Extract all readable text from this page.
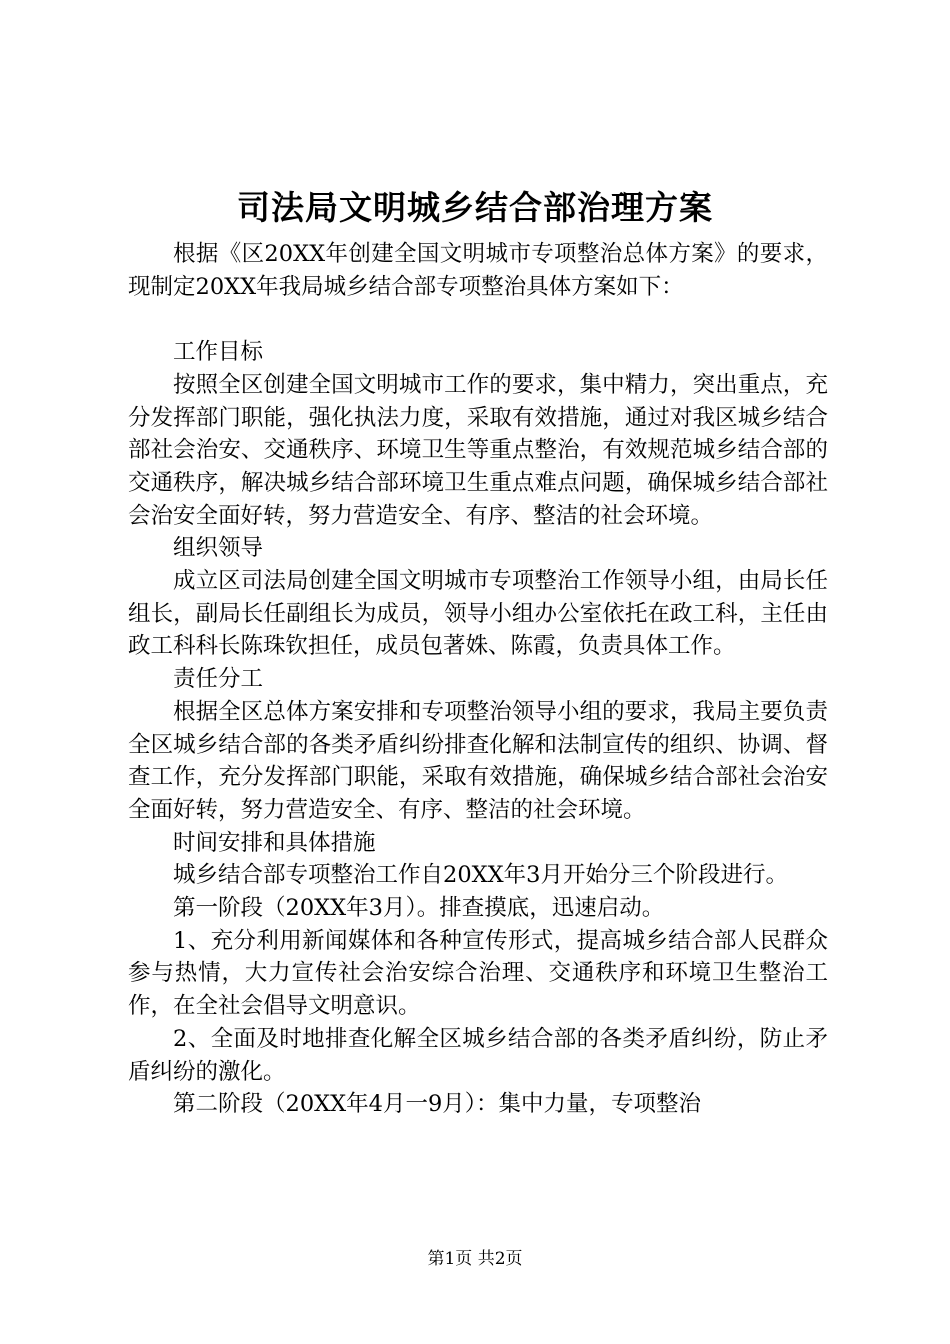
司法局文明城乡结合部治理方案

根据《区20XX年创建全国文明城市专项整治总体方案》的要求，现制定20XX年我局城乡结合部专项整治具体方案如下：

工作目标

按照全区创建全国文明城市工作的要求，集中精力，突出重点，充分发挥部门职能，强化执法力度，采取有效措施，通过对我区城乡结合部社会治安、交通秩序、环境卫生等重点整治，有效规范城乡结合部的交通秩序，解决城乡结合部环境卫生重点难点问题，确保城乡结合部社会治安全面好转，努力营造安全、有序、整洁的社会环境。

组织领导

成立区司法局创建全国文明城市专项整治工作领导小组，由局长任组长，副局长任副组长为成员，领导小组办公室依托在政工科，主任由政工科科长陈珠钦担任，成员包著姝、陈霞，负责具体工作。

责任分工

根据全区总体方案安排和专项整治领导小组的要求，我局主要负责全区城乡结合部的各类矛盾纠纷排查化解和法制宣传的组织、协调、督查工作，充分发挥部门职能，采取有效措施，确保城乡结合部社会治安全面好转，努力营造安全、有序、整洁的社会环境。

时间安排和具体措施

城乡结合部专项整治工作自20XX年3月开始分三个阶段进行。

第一阶段（20XX年3月）。排查摸底，迅速启动。

1、充分利用新闻媒体和各种宣传形式，提高城乡结合部人民群众参与热情，大力宣传社会治安综合治理、交通秩序和环境卫生整治工作，在全社会倡导文明意识。

2、全面及时地排查化解全区城乡结合部的各类矛盾纠纷，防止矛盾纠纷的激化。

第二阶段（20XX年4月一9月）：集中力量，专项整治

第1页 共2页
